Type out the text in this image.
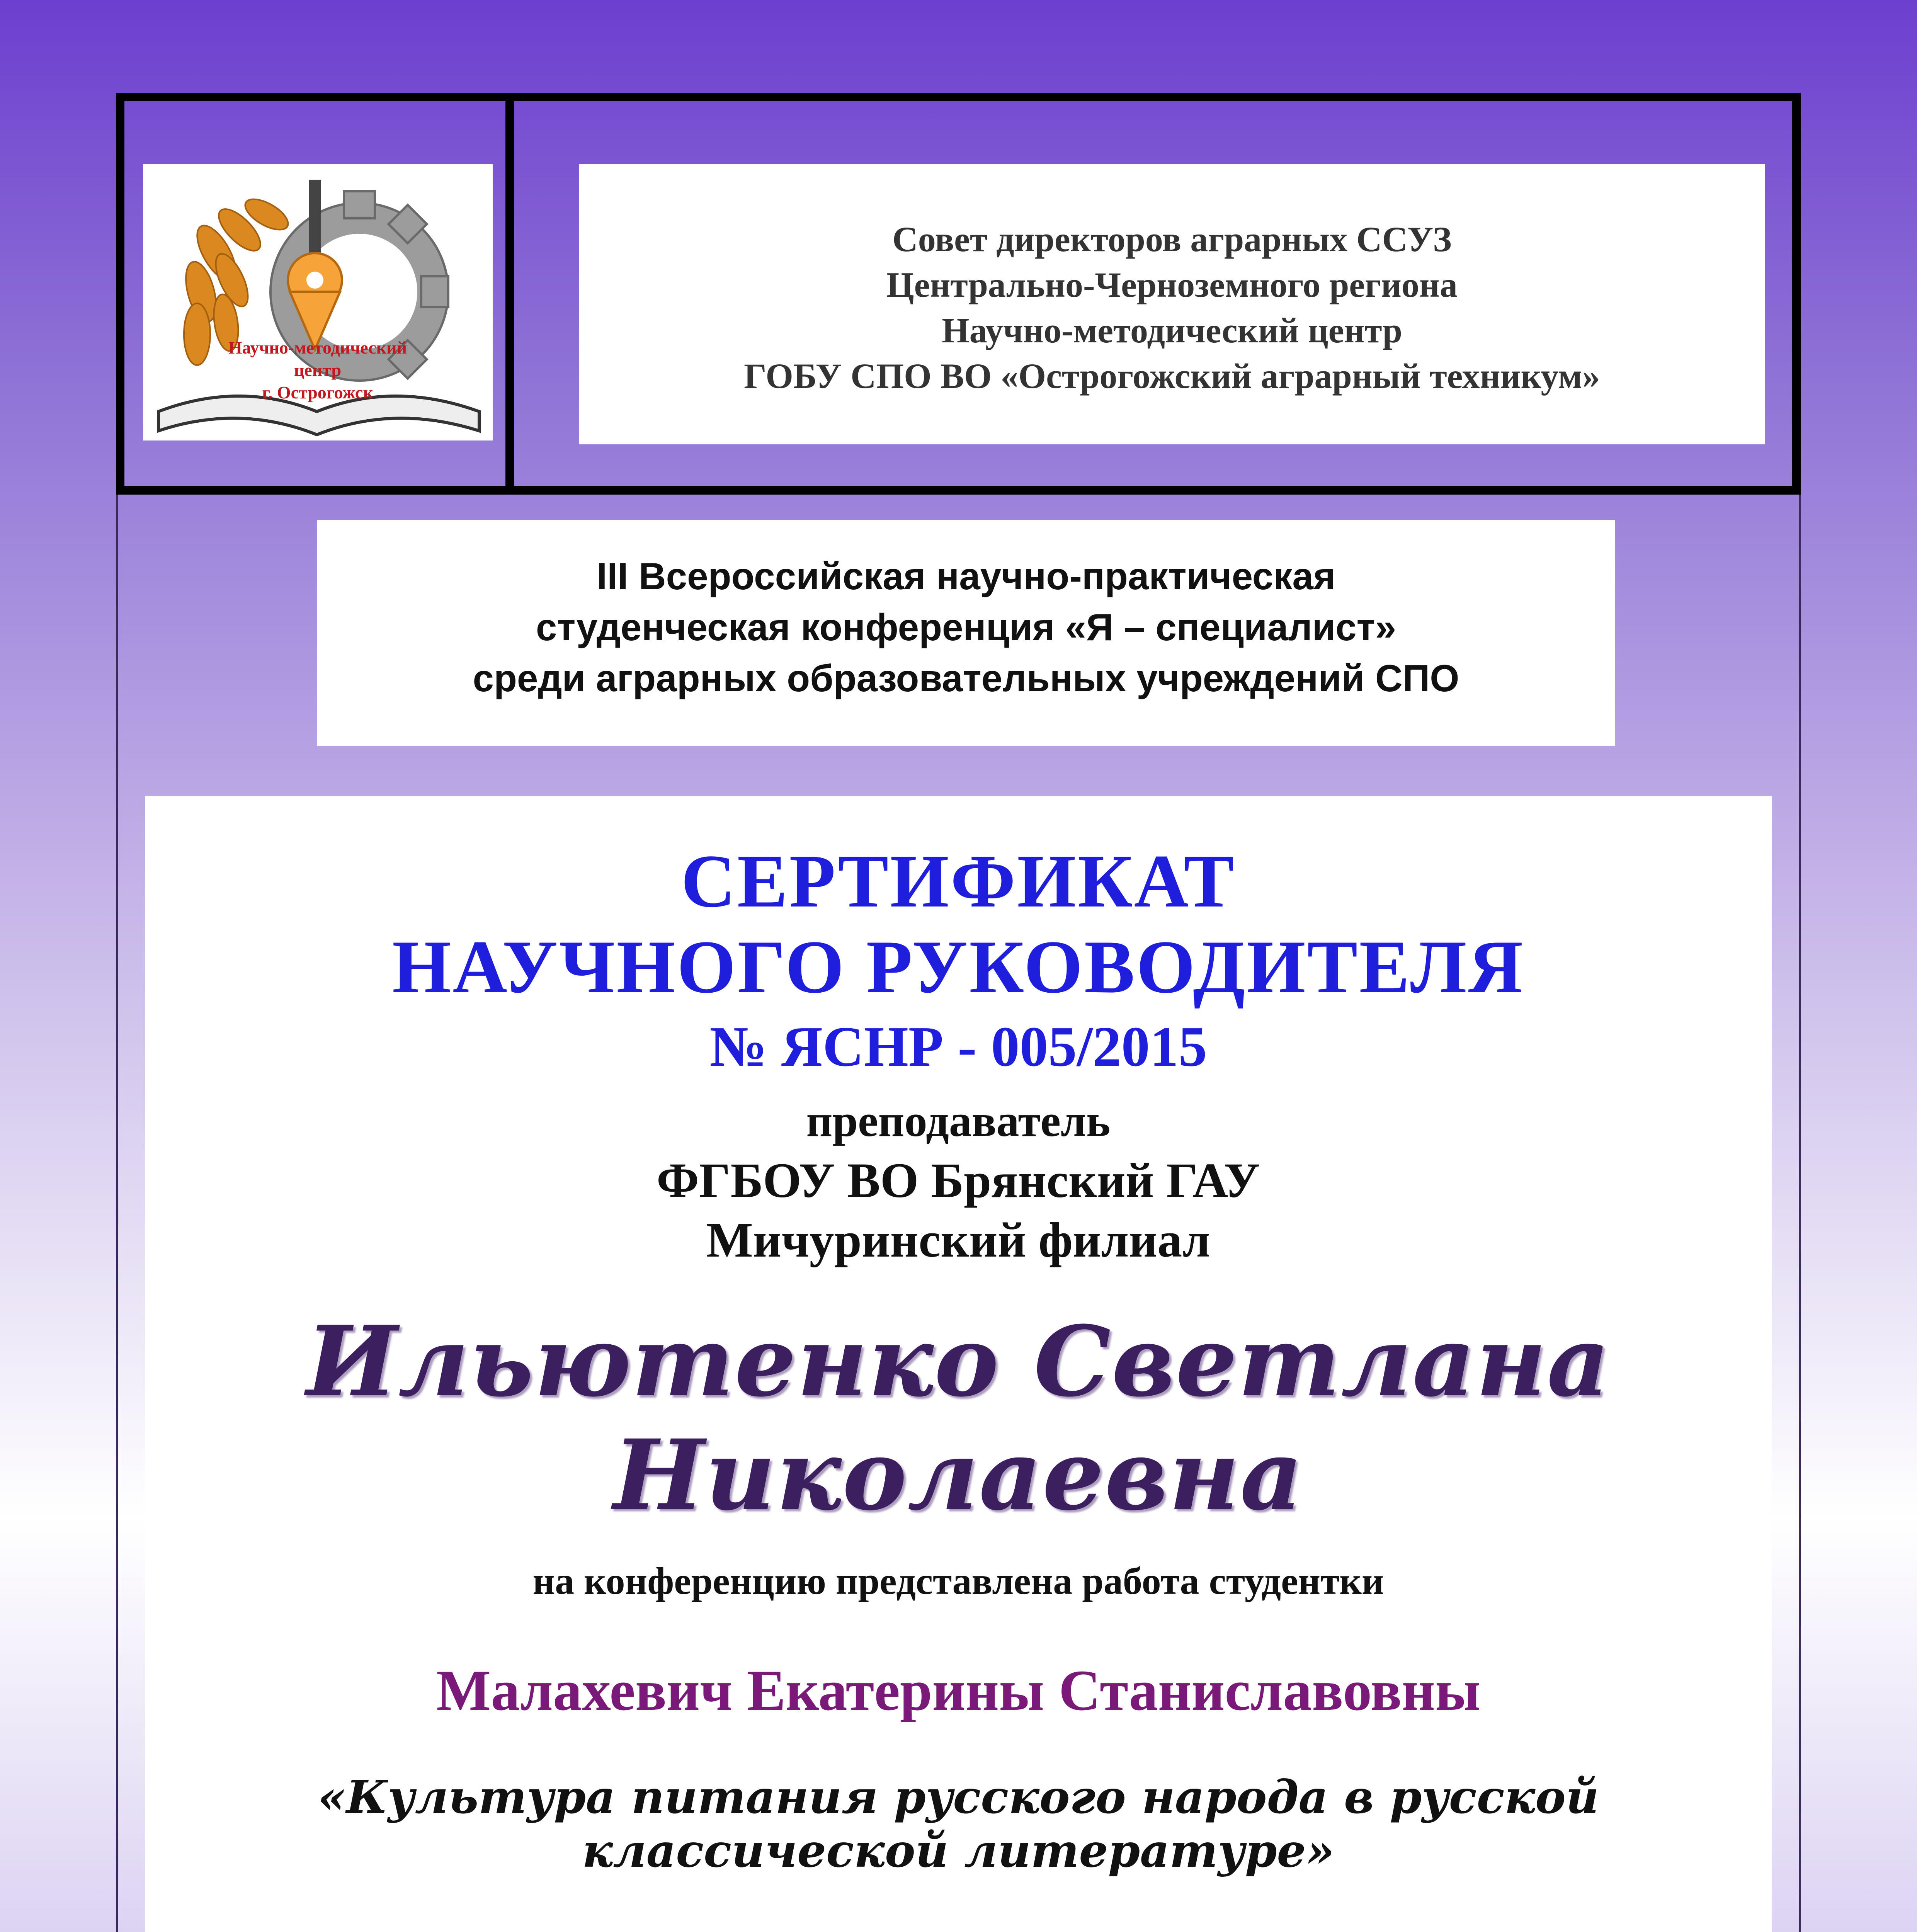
Научно-методический
центр
г. Острогожск
Совет директоров аграрных ССУЗ
Центрально-Черноземного региона
Научно-методический центр
ГОБУ СПО ВО «Острогожский аграрный техникум»
III Всероссийская научно-практическая
студенческая конференция «Я – специалист»
среди аграрных образовательных учреждений СПО
СЕРТИФИКАТ
НАУЧНОГО РУКОВОДИТЕЛЯ
№ ЯСНР - 005/2015
преподаватель
ФГБОУ ВО Брянский ГАУ
Мичуринский филиал
Ильютенко Светлана Николаевна
на конференцию представлена работа студентки
Малахевич Екатерины Станиславовны
«Культура питания русского народа в русской классической литературе»
